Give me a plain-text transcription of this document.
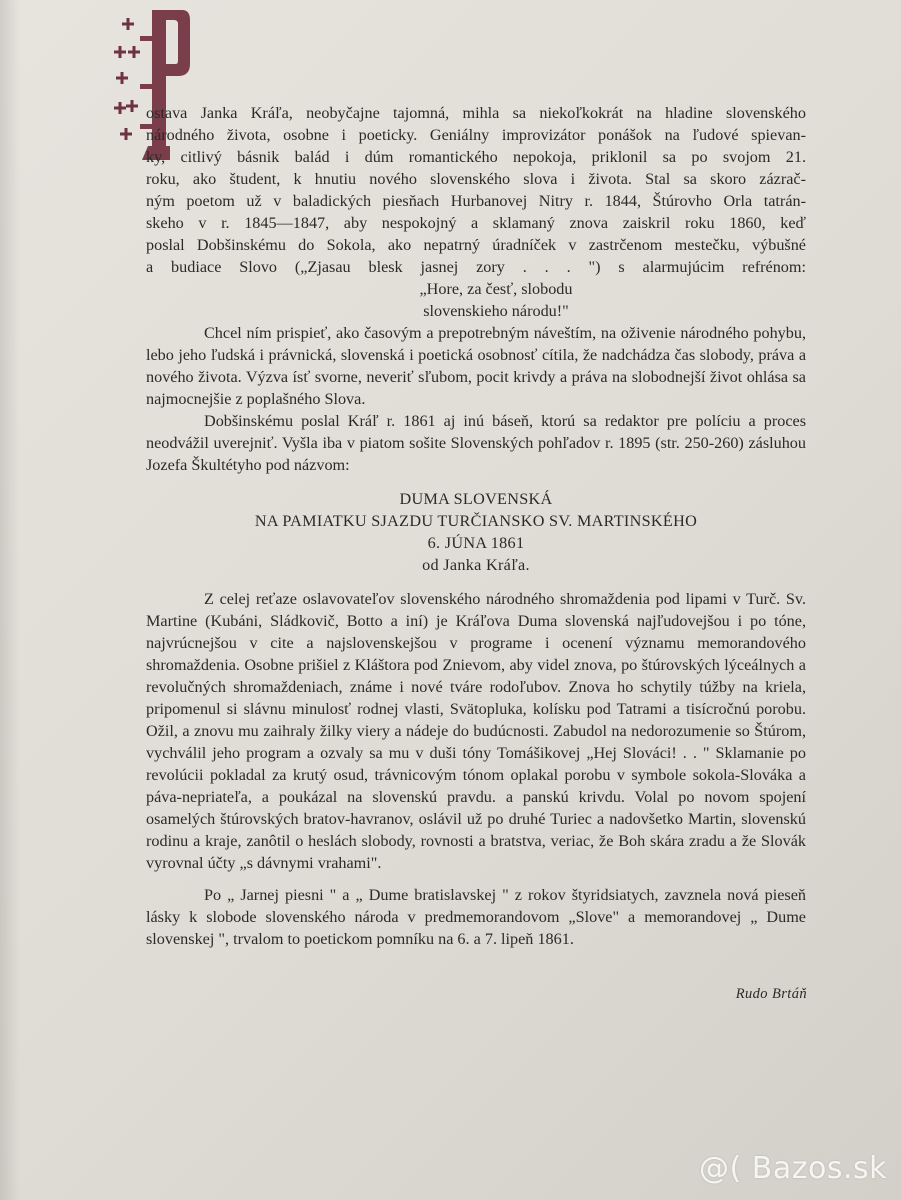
ostava Janka Kráľa, neobyčajne tajomná, mihla sa niekoľkokrát na hladine slovenského
národného života, osobne i poeticky. Geniálny improvizátor ponášok na ľudové spievan-
ky, citlivý básnik balád i dúm romantického nepokoja, priklonil sa po svojom 21.
roku, ako študent, k hnutiu nového slovenského slova i života. Stal sa skoro zázrač-
ným poetom už v baladických piesňach Hurbanovej Nitry r. 1844, Štúrovho Orla tatrán-
skeho v r. 1845—1847, aby nespokojný a sklamaný znova zaiskril roku 1860, keď
poslal Dobšinskému do Sokola, ako nepatrný úradníček v zastrčenom mestečku, výbušné
a budiace Slovo („Zjasau blesk jasnej zory . . . ") s alarmujúcim refrénom:

„Hore, za česť, slobodu

slovenskieho národu!"

Chcel ním prispieť, ako časovým a prepotrebným náveštím, na oživenie národného pohybu, lebo jeho ľudská i právnická, slovenská i poetická osobnosť cítila, že nadchádza čas slobody, práva a nového života. Výzva ísť svorne, neveriť sľubom, pocit krivdy a práva na slobodnejší život ohlása sa najmocnejšie z poplašného Slova.

Dobšinskému poslal Kráľ r. 1861 aj inú báseň, ktorú sa redaktor pre políciu a proces neodvážil uverejniť. Vyšla iba v piatom sošite Slovenských pohľadov r. 1895 (str. 250-260) zásluhou Jozefa Škultétyho pod názvom:

DUMA SLOVENSKÁ

NA PAMIATKU SJAZDU TURČIANSKO SV. MARTINSKÉHO

6. JÚNA 1861

od Janka Kráľa.

Z celej reťaze oslavovateľov slovenského národného shromaždenia pod lipami v Turč. Sv. Martine (Kubáni, Sládkovič, Botto a iní) je Kráľova Duma slovenská najľudovejšou i po tóne, najvrúcnejšou v cite a najslovenskejšou v programe i ocenení významu memorandového shromaždenia. Osobne prišiel z Kláštora pod Znievom, aby videl znova, po štúrovských lýceálnych a revolučných shromaždeniach, známe i nové tváre rodoľubov. Znova ho schytily túžby na kriela, pripomenul si slávnu minulosť rodnej vlasti, Svätopluka, kolísku pod Tatrami a tisícročnú porobu. Ožil, a znovu mu zaihraly žilky viery a nádeje do budúcnosti. Zabudol na nedorozumenie so Štúrom, vychválil jeho program a ozvaly sa mu v duši tóny Tomášikovej „Hej Slováci! . . " Sklamanie po revolúcii pokladal za krutý osud, trávnicovým tónom oplakal porobu v symbole sokola-Slováka a páva-nepriateľa, a poukázal na slovenskú pravdu. a panskú krivdu. Volal po novom spojení osamelých štúrovských bratov-havranov, oslávil už po druhé Turiec a nadovšetko Martin, slovenskú rodinu a kraje, zanôtil o heslách slobody, rovnosti a bratstva, veriac, že Boh skára zradu a že Slovák vyrovnal účty „s dávnymi vrahami".

Po „ Jarnej piesni " a „ Dume bratislavskej " z rokov štyridsiatych, zavznela nová pieseň lásky k slobode slovenského národa v predmemorandovom „Slove" a memorandovej „ Dume slovenskej ", trvalom to poetickom pomníku na 6. a 7. lipeň 1861.

Rudo Brtáň
@( Bazos.sk
